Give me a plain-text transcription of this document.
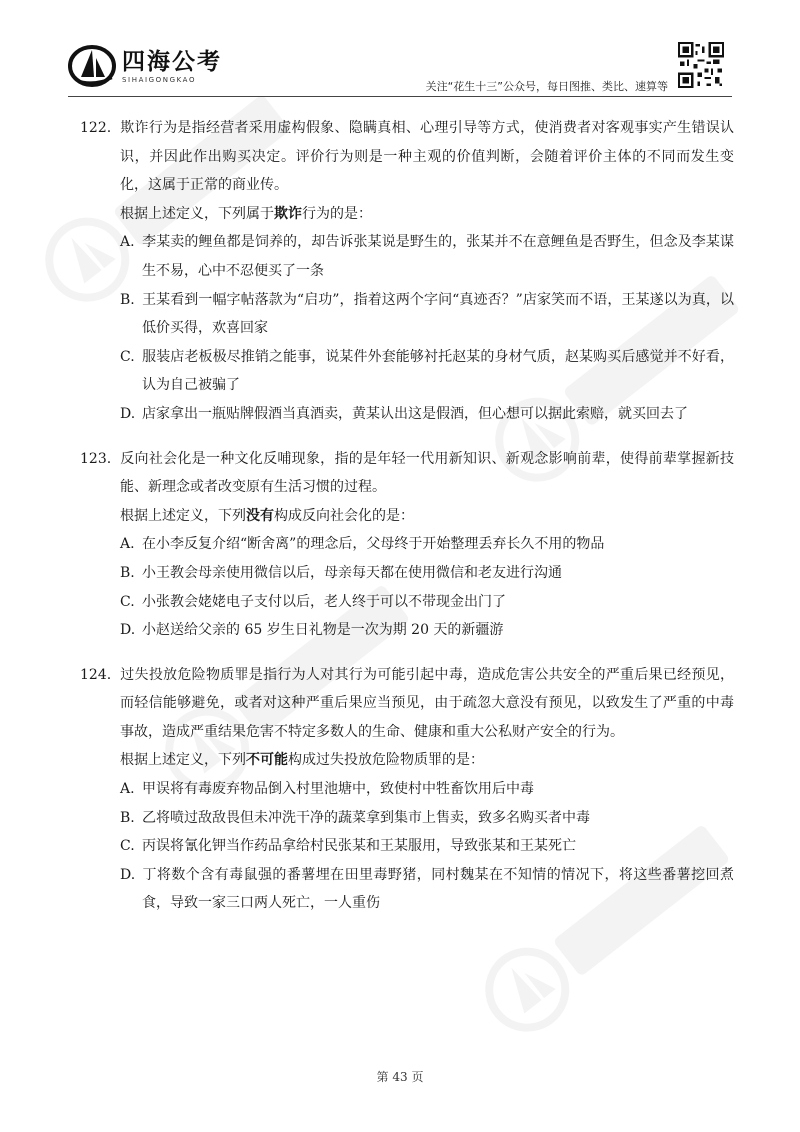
四海公考
SIHAIGONGKAO
关注“花生十三”公众号，每日图推、类比、速算等
122. 欺诈行为是指经营者采用虚构假象、隐瞒真相、心理引导等方式，使消费者对客观事实产生错误认识，并因此作出购买决定。评价行为则是一种主观的价值判断，会随着评价主体的不同而发生变化，这属于正常的商业传。
根据上述定义，下列属于欺诈行为的是：
A. 李某卖的鲤鱼都是饲养的，却告诉张某说是野生的，张某并不在意鲤鱼是否野生，但念及李某谋生不易，心中不忍便买了一条
B. 王某看到一幅字帖落款为“启功”，指着这两个字问“真迹否？”店家笑而不语，王某遂以为真，以低价买得，欢喜回家
C. 服装店老板极尽推销之能事，说某件外套能够衬托赵某的身材气质，赵某购买后感觉并不好看，认为自己被骗了
D. 店家拿出一瓶贴牌假酒当真酒卖，黄某认出这是假酒，但心想可以据此索赔，就买回去了
123. 反向社会化是一种文化反哺现象，指的是年轻一代用新知识、新观念影响前辈，使得前辈掌握新技能、新理念或者改变原有生活习惯的过程。
根据上述定义，下列没有构成反向社会化的是：
A. 在小李反复介绍“断舍离”的理念后，父母终于开始整理丢弃长久不用的物品
B. 小王教会母亲使用微信以后，母亲每天都在使用微信和老友进行沟通
C. 小张教会姥姥电子支付以后，老人终于可以不带现金出门了
D. 小赵送给父亲的 65 岁生日礼物是一次为期 20 天的新疆游
124. 过失投放危险物质罪是指行为人对其行为可能引起中毒，造成危害公共安全的严重后果已经预见，而轻信能够避免，或者对这种严重后果应当预见，由于疏忽大意没有预见，以致发生了严重的中毒事故，造成严重结果危害不特定多数人的生命、健康和重大公私财产安全的行为。
根据上述定义，下列不可能构成过失投放危险物质罪的是：
A. 甲误将有毒废弃物品倒入村里池塘中，致使村中牲畜饮用后中毒
B. 乙将喷过敌敌畏但未冲洗干净的蔬菜拿到集市上售卖，致多名购买者中毒
C. 丙误将氰化钾当作药品拿给村民张某和王某服用，导致张某和王某死亡
D. 丁将数个含有毒鼠强的番薯埋在田里毒野猪，同村魏某在不知情的情况下，将这些番薯挖回煮食，导致一家三口两人死亡，一人重伤
第 43 页
